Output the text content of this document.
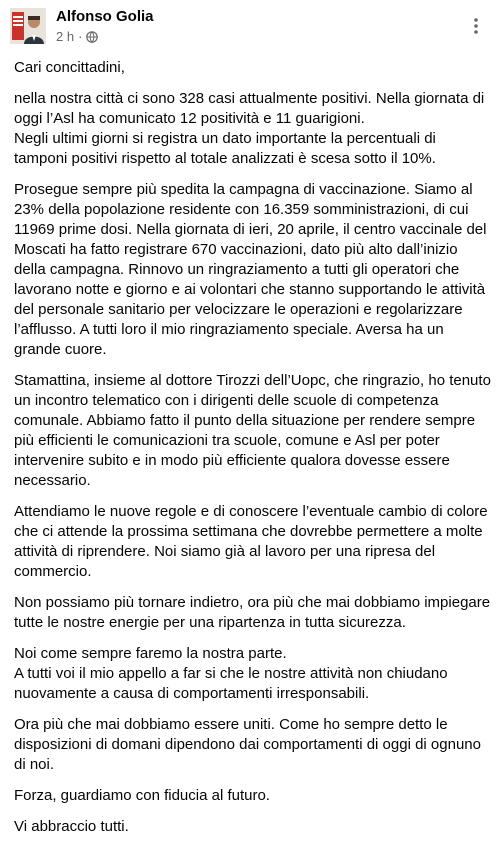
Alfonso Golia
2 h ·

Cari concittadini,

nella nostra città ci sono 328 casi attualmente positivi. Nella giornata di oggi l’Asl ha comunicato 12 positività e 11 guarigioni.
Negli ultimi giorni si registra un dato importante la percentuali di tamponi positivi rispetto al totale analizzati è scesa sotto il 10%.

Prosegue sempre più spedita la campagna di vaccinazione. Siamo al 23% della popolazione residente con 16.359 somministrazioni, di cui 11969 prime dosi. Nella giornata di ieri, 20 aprile, il centro vaccinale del Moscati ha fatto registrare 670 vaccinazioni, dato più alto dall’inizio della campagna. Rinnovo un ringraziamento a tutti gli operatori che lavorano notte e giorno e ai volontari che stanno supportando le attività del personale sanitario per velocizzare le operazioni e regolarizzare l’afflusso. A tutti loro il mio ringraziamento speciale. Aversa ha un grande cuore.

Stamattina, insieme al dottore Tirozzi dell’Uopc, che ringrazio, ho tenuto un incontro telematico con i dirigenti delle scuole di competenza comunale. Abbiamo fatto il punto della situazione per rendere sempre più efficienti le comunicazioni tra scuole, comune e Asl per poter intervenire subito e in modo più efficiente qualora dovesse essere necessario.

Attendiamo le nuove regole e di conoscere l’eventuale cambio di colore che ci attende la prossima settimana che dovrebbe permettere a molte attività di riprendere. Noi siamo già al lavoro per una ripresa del commercio.

Non possiamo più tornare indietro, ora più che mai dobbiamo impiegare tutte le nostre energie per una ripartenza in tutta sicurezza.

Noi come sempre faremo la nostra parte.
A tutti voi il mio appello a far si che le nostre attività non chiudano nuovamente a causa di comportamenti irresponsabili.

Ora più che mai dobbiamo essere uniti. Come ho sempre detto le disposizioni di domani dipendono dai comportamenti di oggi di ognuno di noi.

Forza, guardiamo con fiducia al futuro.

Vi abbraccio tutti.
